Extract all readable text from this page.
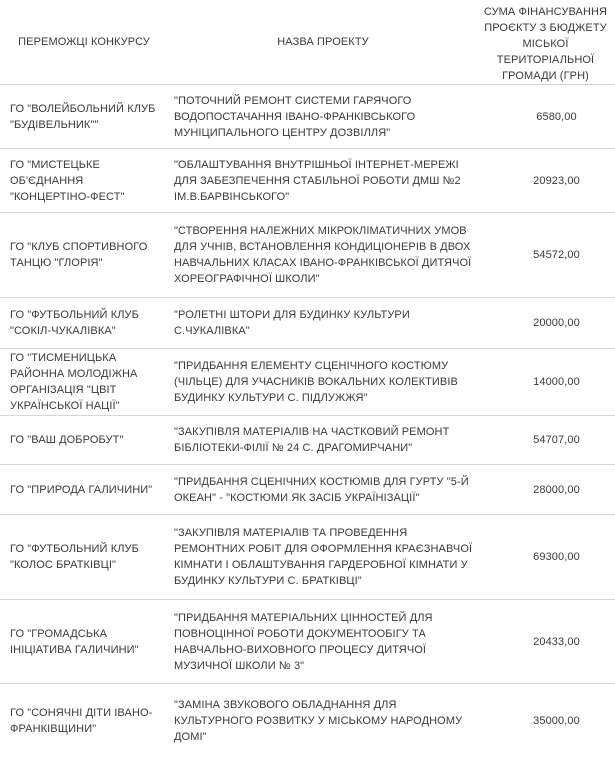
ПЕРЕМОЖЦІ КОНКУРСУ	НАЗВА ПРОЕКТУ	СУМА ФІНАНСУВАННЯ ПРОЄКТУ З БЮДЖЕТУ МІСЬКОЇ ТЕРИТОРІАЛЬНОЇ ГРОМАДИ (ГРН)
ГО "ВОЛЕЙБОЛЬНИЙ КЛУБ "БУДІВЕЛЬНИК""	"ПОТОЧНИЙ РЕМОНТ СИСТЕМИ ГАРЯЧОГО ВОДОПОСТАЧАННЯ ІВАНО-ФРАНКІВСЬКОГО МУНІЦИПАЛЬНОГО ЦЕНТРУ ДОЗВІЛЛЯ"	6580,00
ГО "МИСТЕЦЬКЕ ОБ'ЄДНАННЯ "КОНЦЕРТІНО-ФЕСТ"	"ОБЛАШТУВАННЯ ВНУТРІШНЬОЇ ІНТЕРНЕТ-МЕРЕЖІ ДЛЯ ЗАБЕЗПЕЧЕННЯ СТАБІЛЬНОЇ РОБОТИ ДМШ №2 ІМ.В.БАРВІНСЬКОГО"	20923,00
ГО "КЛУБ СПОРТИВНОГО ТАНЦЮ "ГЛОРІЯ"	"СТВОРЕННЯ НАЛЕЖНИХ МІКРОКЛІМАТИЧНИХ УМОВ ДЛЯ УЧНІВ, ВСТАНОВЛЕННЯ КОНДИЦІОНЕРІВ В ДВОХ НАВЧАЛЬНИХ КЛАСАХ ІВАНО-ФРАНКІВСЬКОЇ ДИТЯЧОЇ ХОРЕОГРАФІЧНОЇ ШКОЛИ"	54572,00
ГО "ФУТБОЛЬНИЙ КЛУБ "СОКІЛ-ЧУКАЛІВКА"	"РОЛЕТНІ ШТОРИ ДЛЯ БУДИНКУ КУЛЬТУРИ С.ЧУКАЛІВКА"	20000,00
ГО "ТИСМЕНИЦЬКА РАЙОННА МОЛОДІЖНА ОРГАНІЗАЦІЯ "ЦВІТ УКРАЇНСЬКОЇ НАЦІЇ"	"ПРИДБАННЯ ЕЛЕМЕНТУ СЦЕНІЧНОГО КОСТЮМУ (ЧІЛЬЦЕ) ДЛЯ УЧАСНИКІВ ВОКАЛЬНИХ КОЛЕКТИВІВ БУДИНКУ КУЛЬТУРИ С. ПІДЛУЖЖЯ"	14000,00
ГО "ВАШ ДОБРОБУТ"	"ЗАКУПІВЛЯ МАТЕРІАЛІВ НА ЧАСТКОВИЙ РЕМОНТ БІБЛІОТЕКИ-ФІЛІЇ № 24 С. ДРАГОМИРЧАНИ"	54707,00
ГО "ПРИРОДА ГАЛИЧИНИ"	"ПРИДБАННЯ СЦЕНІЧНИХ КОСТЮМІВ ДЛЯ ГУРТУ "5-Й ОКЕАН" - "КОСТЮМИ ЯК ЗАСІБ УКРАЇНІЗАЦІЇ"	28000,00
ГО "ФУТБОЛЬНИЙ КЛУБ "КОЛОС БРАТКІВЦІ"	"ЗАКУПІВЛЯ МАТЕРІАЛІВ ТА ПРОВЕДЕННЯ РЕМОНТНИХ РОБІТ ДЛЯ ОФОРМЛЕННЯ КРАЄЗНАВЧОЇ КІМНАТИ І ОБЛАШТУВАННЯ ГАРДЕРОБНОЇ КІМНАТИ У БУДИНКУ КУЛЬТУРИ С. БРАТКІВЦІ"	69300,00
ГО "ГРОМАДСЬКА ІНІЦІАТИВА ГАЛИЧИНИ"	"ПРИДБАННЯ МАТЕРІАЛЬНИХ ЦІННОСТЕЙ ДЛЯ ПОВНОЦІННОЇ РОБОТИ ДОКУМЕНТООБІГУ ТА НАВЧАЛЬНО-ВИХОВНОГО ПРОЦЕСУ ДИТЯЧОЇ МУЗИЧНОЇ ШКОЛИ № 3"	20433,00
ГО "СОНЯЧНІ ДІТИ ІВАНО-ФРАНКІВЩИНИ"	"ЗАМІНА ЗВУКОВОГО ОБЛАДНАННЯ ДЛЯ КУЛЬТУРНОГО РОЗВИТКУ У МІСЬКОМУ НАРОДНОМУ ДОМІ"	35000,00
